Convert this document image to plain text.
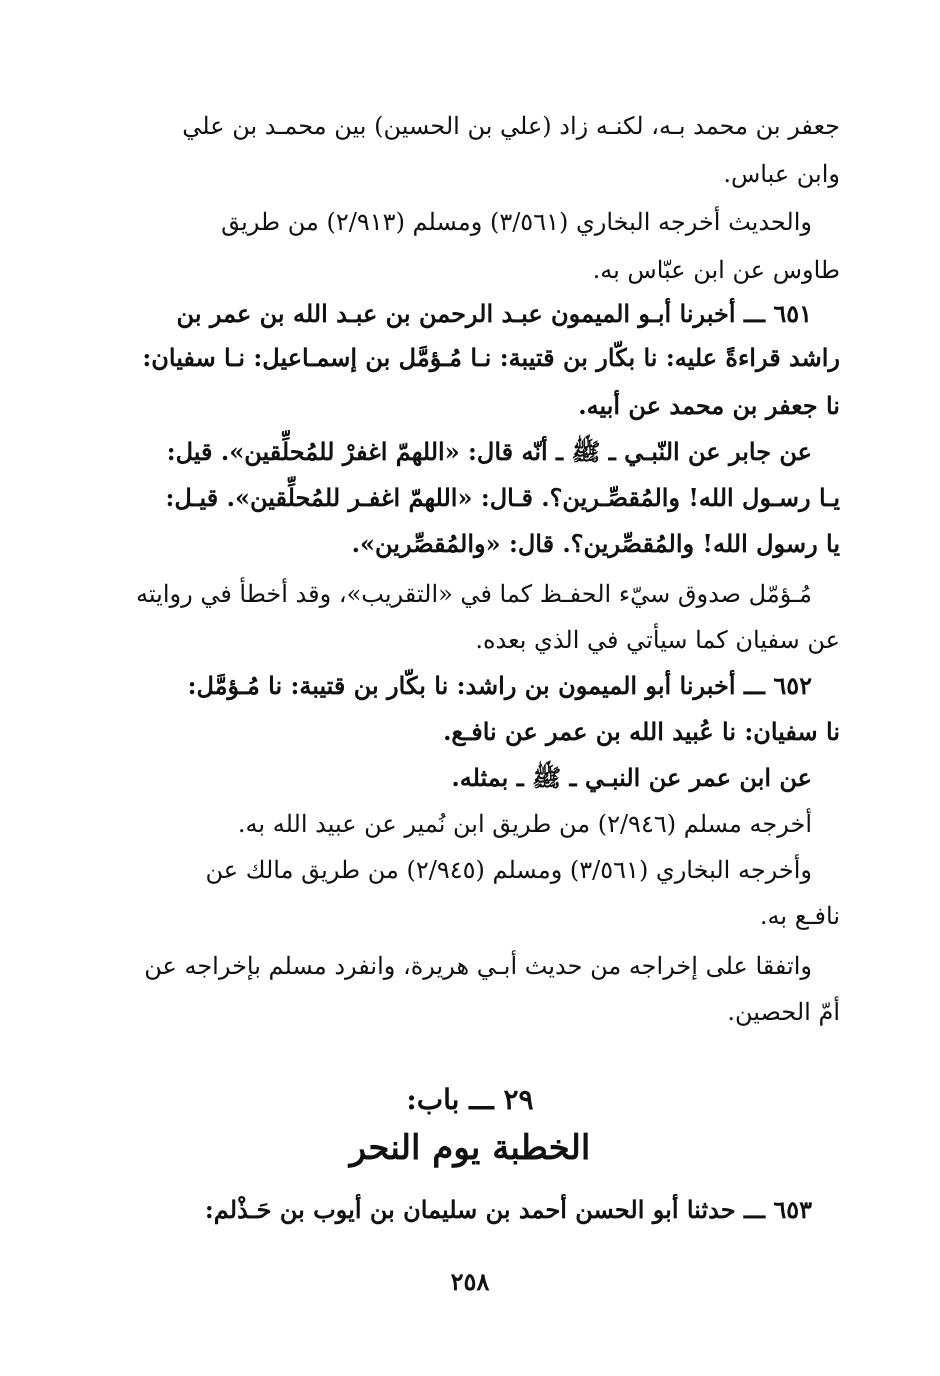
جعفر بن محمد بـه، لكنـه زاد (علي بن الحسين) بين محمـد بن علي
وابن عباس.
والحديث أخرجه البخاري (٣/٥٦١) ومسلم (٢/٩١٣) من طريق
طاوس عن ابن عبّاس به.
٦٥١ ـــ أخبرنا أبـو الميمون عبـد الرحمن بن عبـد الله بن عمر بن
راشد قراءةً عليه: نا بكّار بن قتيبة: نـا مُـؤمَّل بن إسمـاعيل: نـا سفيان:
نا جعفر بن محمد عن أبيه.
عن جابر عن النّبـي ـ ﷺ ـ أنّه قال: «اللهمّ اغفرْ للمُحلِّقين». قيل:
يـا رسـول الله! والمُقصِّـرين؟. قـال: «اللهمّ اغفـر للمُحلِّقين». قيـل:
يا رسول الله! والمُقصِّرين؟. قال: «والمُقصِّرين».
مُـؤمّل صدوق سيّء الحفـظ كما في «التقريب»، وقد أخطأ في روايته
عن سفيان كما سيأتي في الذي بعده.
٦٥٢ ـــ أخبرنا أبو الميمون بن راشد: نا بكّار بن قتيبة: نا مُـؤمَّل:
نا سفيان: نا عُبيد الله بن عمر عن نافـع.
عن ابن عمر عن النبـي ـ ﷺ ـ بمثله.
أخرجه مسلم (٢/٩٤٦) من طريق ابن نُمير عن عبيد الله به.
وأخرجه البخاري (٣/٥٦١) ومسلم (٢/٩٤٥) من طريق مالك عن
نافـع به.
واتفقا على إخراجه من حديث أبـي هريرة، وانفرد مسلم بإخراجه عن
أمّ الحصين.
٢٩ ـــ باب:
الخطبة يوم النحر
٦٥٣ ـــ حدثنا أبو الحسن أحمد بن سليمان بن أيوب بن حَـذْلم:
٢٥٨
